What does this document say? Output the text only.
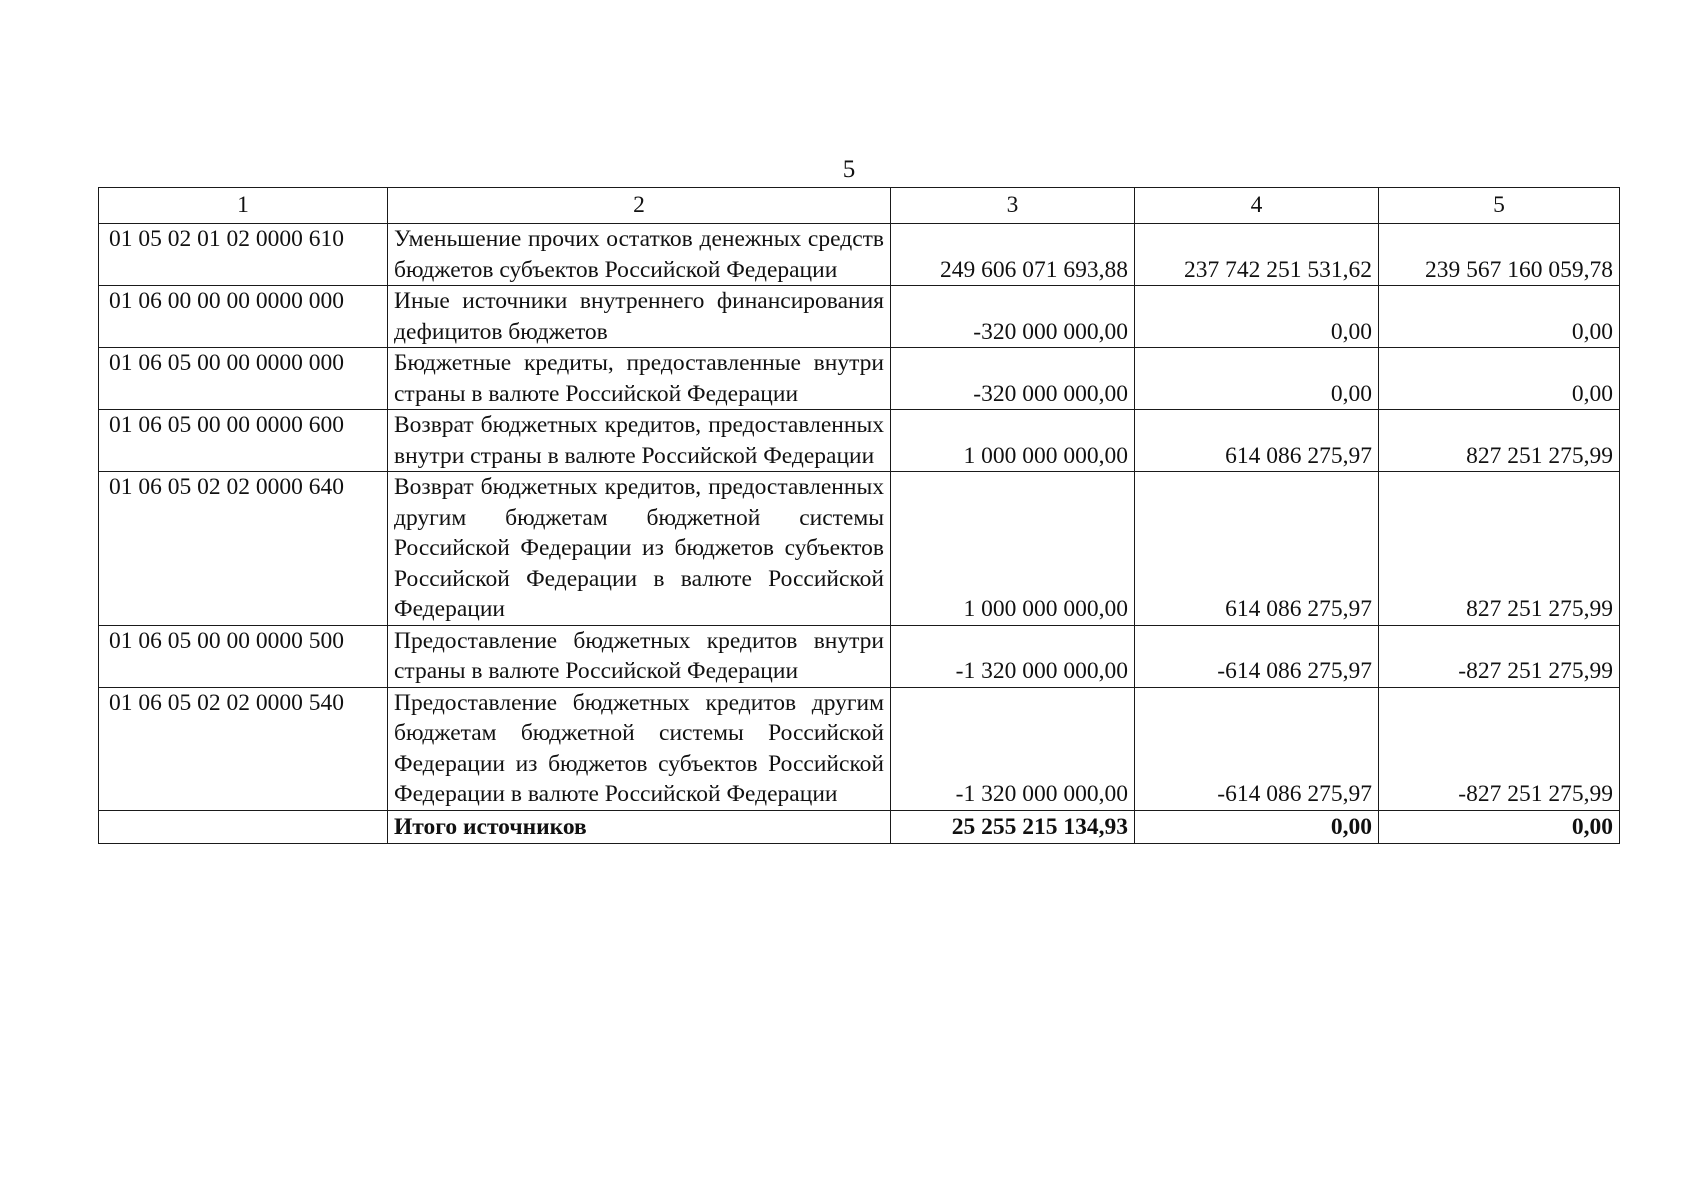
5
1	2	3	4	5
01 05 02 01 02 0000 610	Уменьшение прочих остатков денежных средств бюджетов субъектов Российской Федерации	249 606 071 693,88	237 742 251 531,62	239 567 160 059,78
01 06 00 00 00 0000 000	Иные источники внутреннего финансирования дефицитов бюджетов	-320 000 000,00	0,00	0,00
01 06 05 00 00 0000 000	Бюджетные кредиты, предоставленные внутри страны в валюте Российской Федерации	-320 000 000,00	0,00	0,00
01 06 05 00 00 0000 600	Возврат бюджетных кредитов, предоставленных внутри страны в валюте Российской Федерации	1 000 000 000,00	614 086 275,97	827 251 275,99
01 06 05 02 02 0000 640	Возврат бюджетных кредитов, предоставленных другим бюджетам бюджетной системы Российской Федерации из бюджетов субъектов Российской Федерации в валюте Российской Федерации	1 000 000 000,00	614 086 275,97	827 251 275,99
01 06 05 00 00 0000 500	Предоставление бюджетных кредитов внутри страны в валюте Российской Федерации	-1 320 000 000,00	-614 086 275,97	-827 251 275,99
01 06 05 02 02 0000 540	Предоставление бюджетных кредитов другим бюджетам бюджетной системы Российской Федерации из бюджетов субъектов Российской Федерации в валюте Российской Федерации	-1 320 000 000,00	-614 086 275,97	-827 251 275,99
	Итого источников	25 255 215 134,93	0,00	0,00
